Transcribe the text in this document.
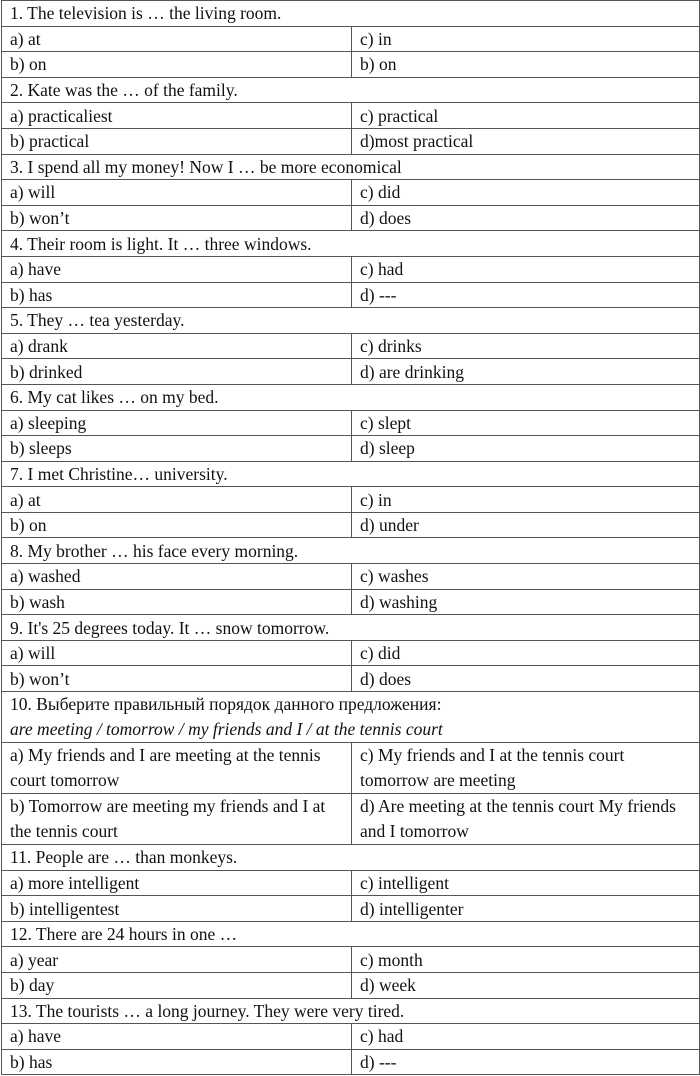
1. The television is … the living room.	
a) at	c) in
b) on	b) on
2. Kate was the … of the family.	
a) practicaliest	c) practical
b) practical	d)most practical
3. I spend all my money! Now I … be more economical	
a) will	c) did
b) won’t	d) does
4. Their room is light. It … three windows.	
a) have	c) had
b) has	d) ---
5. They … tea yesterday.	
a) drank	c) drinks
b) drinked	d) are drinking
6. My cat likes … on my bed.	
a) sleeping	c) slept
b) sleeps	d) sleep
7. I met Christine… university.	
a) at	c) in
b) on	d) under
8. My brother … his face every morning.	
a) washed	c) washes
b) wash	d) washing
9. It's 25 degrees today. It … snow tomorrow.	
a) will	c) did
b) won’t	d) does
10. Выберите правильный порядок данного предложения:
are meeting / tomorrow / my friends and I / at the tennis court	
a) My friends and I are meeting at the tennis court tomorrow	c) My friends and I at the tennis court tomorrow are meeting
b) Tomorrow are meeting my friends and I at the tennis court	d) Are meeting at the tennis court My friends and I tomorrow
11. People are … than monkeys.	
a) more intelligent	c) intelligent
b) intelligentest	d) intelligenter
12. There are 24 hours in one …	
a) year	c) month
b) day	d) week
13. The tourists … a long journey. They were very tired.	
a) have	c) had
b) has	d) ---
